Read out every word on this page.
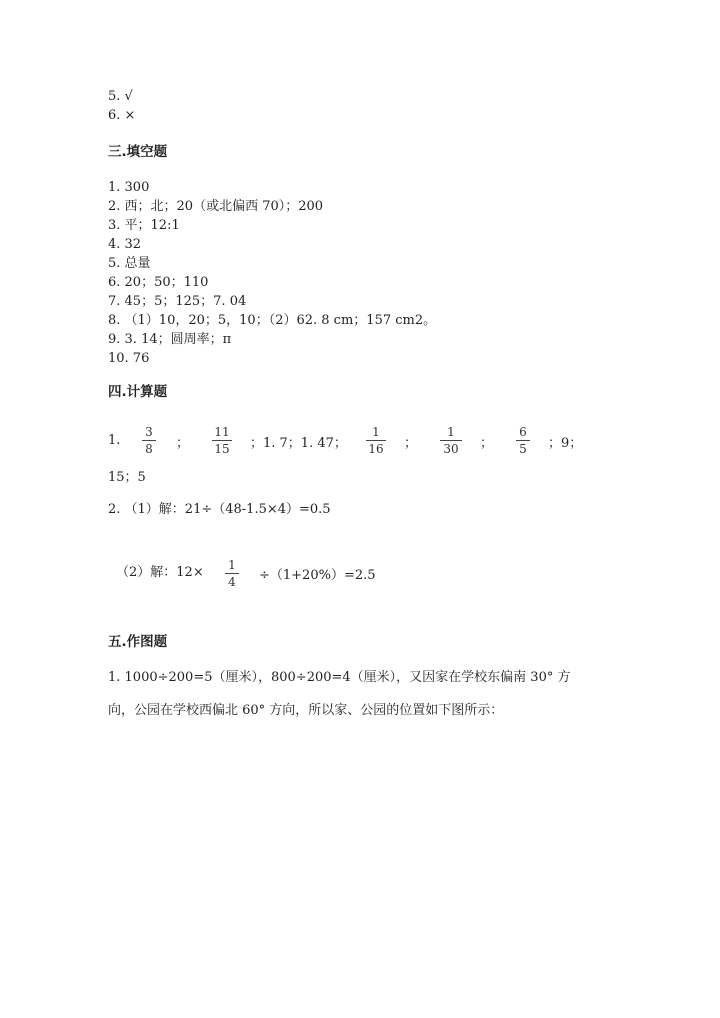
5. √
6. ×
三.填空题
1. 300
2. 西；北；20（或北偏西 70）；200
3. 平；12:1
4. 32
5. 总量
6. 20；50；110
7. 45；5；125；7. 04
8. （1）10，20；5，10；（2）62. 8 cm；157 cm2。
9. 3. 14；圆周率；π
10. 76
四.计算题
1.
3
8 ；
11
15 ；1. 7；1. 47；
1
16 ；
1
30 ；
6
5 ；9；
15；5
2. （1）解：21÷（48-1.5×4）=0.5
（2）解：12× 1
4 ÷（1+20%）=2.5
五.作图题
1. 1000÷200=5（厘米），800÷200=4（厘米），又因家在学校东偏南 30° 方
向，公园在学校西偏北 60° 方向，所以家、公园的位置如下图所示：
